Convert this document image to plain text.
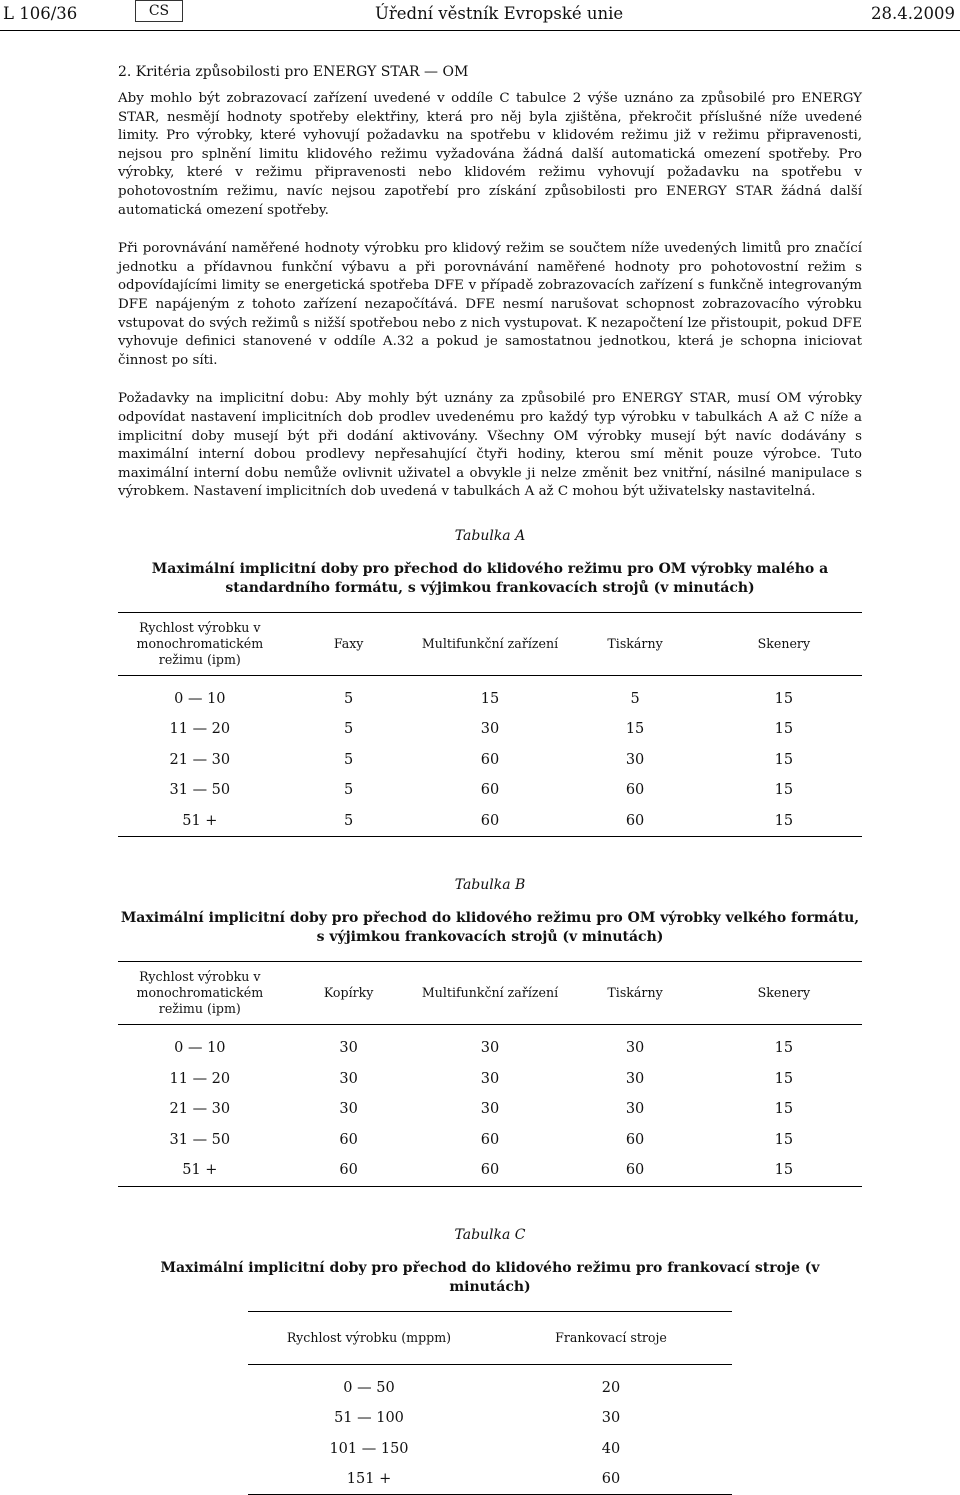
L 106/36	CS	Úřední věstník Evropské unie	28.4.2009
2. Kritéria způsobilosti pro ENERGY STAR — OM

Aby mohlo být zobrazovací zařízení uvedené v oddíle C tabulce 2 výše uznáno za způsobilé pro ENERGY STAR, nesmějí hodnoty spotřeby elektřiny, která pro něj byla zjištěna, překročit příslušné níže uvedené limity. Pro výrobky, které vyhovují požadavku na spotřebu v klidovém režimu již v režimu připravenosti, nejsou pro splnění limitu klidového režimu vyžadována žádná další automatická omezení spotřeby. Pro výrobky, které v režimu připravenosti nebo klidovém režimu vyhovují požadavku na spotřebu v pohotovostním režimu, navíc nejsou zapotřebí pro získání způsobilosti pro ENERGY STAR žádná další automatická omezení spotřeby.

Při porovnávání naměřené hodnoty výrobku pro klidový režim se součtem níže uvedených limitů pro značící jednotku a přídavnou funkční výbavu a při porovnávání naměřené hodnoty pro pohotovostní režim s odpovídajícími limity se energetická spotřeba DFE v případě zobrazovacích zařízení s funkčně integrovaným DFE napájeným z tohoto zařízení nezapočítává. DFE nesmí narušovat schopnost zobrazovacího výrobku vstupovat do svých režimů s nižší spotřebou nebo z nich vystupovat. K nezapočtení lze přistoupit, pokud DFE vyhovuje definici stanovené v oddíle A.32 a pokud je samostatnou jednotkou, která je schopna iniciovat činnost po síti.

Požadavky na implicitní dobu: Aby mohly být uznány za způsobilé pro ENERGY STAR, musí OM výrobky odpovídat nastavení implicitních dob prodlev uvedenému pro každý typ výrobku v tabulkách A až C níže a implicitní doby musejí být při dodání aktivovány. Všechny OM výrobky musejí být navíc dodávány s maximální interní dobou prodlevy nepřesahující čtyři hodiny, kterou smí měnit pouze výrobce. Tuto maximální interní dobu nemůže ovlivnit uživatel a obvykle ji nelze změnit bez vnitřní, násilné manipulace s výrobkem. Nastavení implicitních dob uvedená v tabulkách A až C mohou být uživatelsky nastavitelná.

Tabulka A
Maximální implicitní doby pro přechod do klidového režimu pro OM výrobky malého a standardního formátu, s výjimkou frankovacích strojů (v minutách)
Rychlost výrobku v monochromatickém režimu (ipm)	Faxy	Multifunkční zařízení	Tiskárny	Skenery
0 — 10	5	15	5	15
11 — 20	5	30	15	15
21 — 30	5	60	30	15
31 — 50	5	60	60	15
51 +	5	60	60	15
Tabulka B
Maximální implicitní doby pro přechod do klidového režimu pro OM výrobky velkého formátu, s výjimkou frankovacích strojů (v minutách)
Rychlost výrobku v monochromatickém režimu (ipm)	Kopírky	Multifunkční zařízení	Tiskárny	Skenery
0 — 10	30	30	30	15
11 — 20	30	30	30	15
21 — 30	30	30	30	15
31 — 50	60	60	60	15
51 +	60	60	60	15
Tabulka C
Maximální implicitní doby pro přechod do klidového režimu pro frankovací stroje (v minutách)
Rychlost výrobku (mppm)	Frankovací stroje
0 — 50	20
51 — 100	30
101 — 150	40
151 +	60
